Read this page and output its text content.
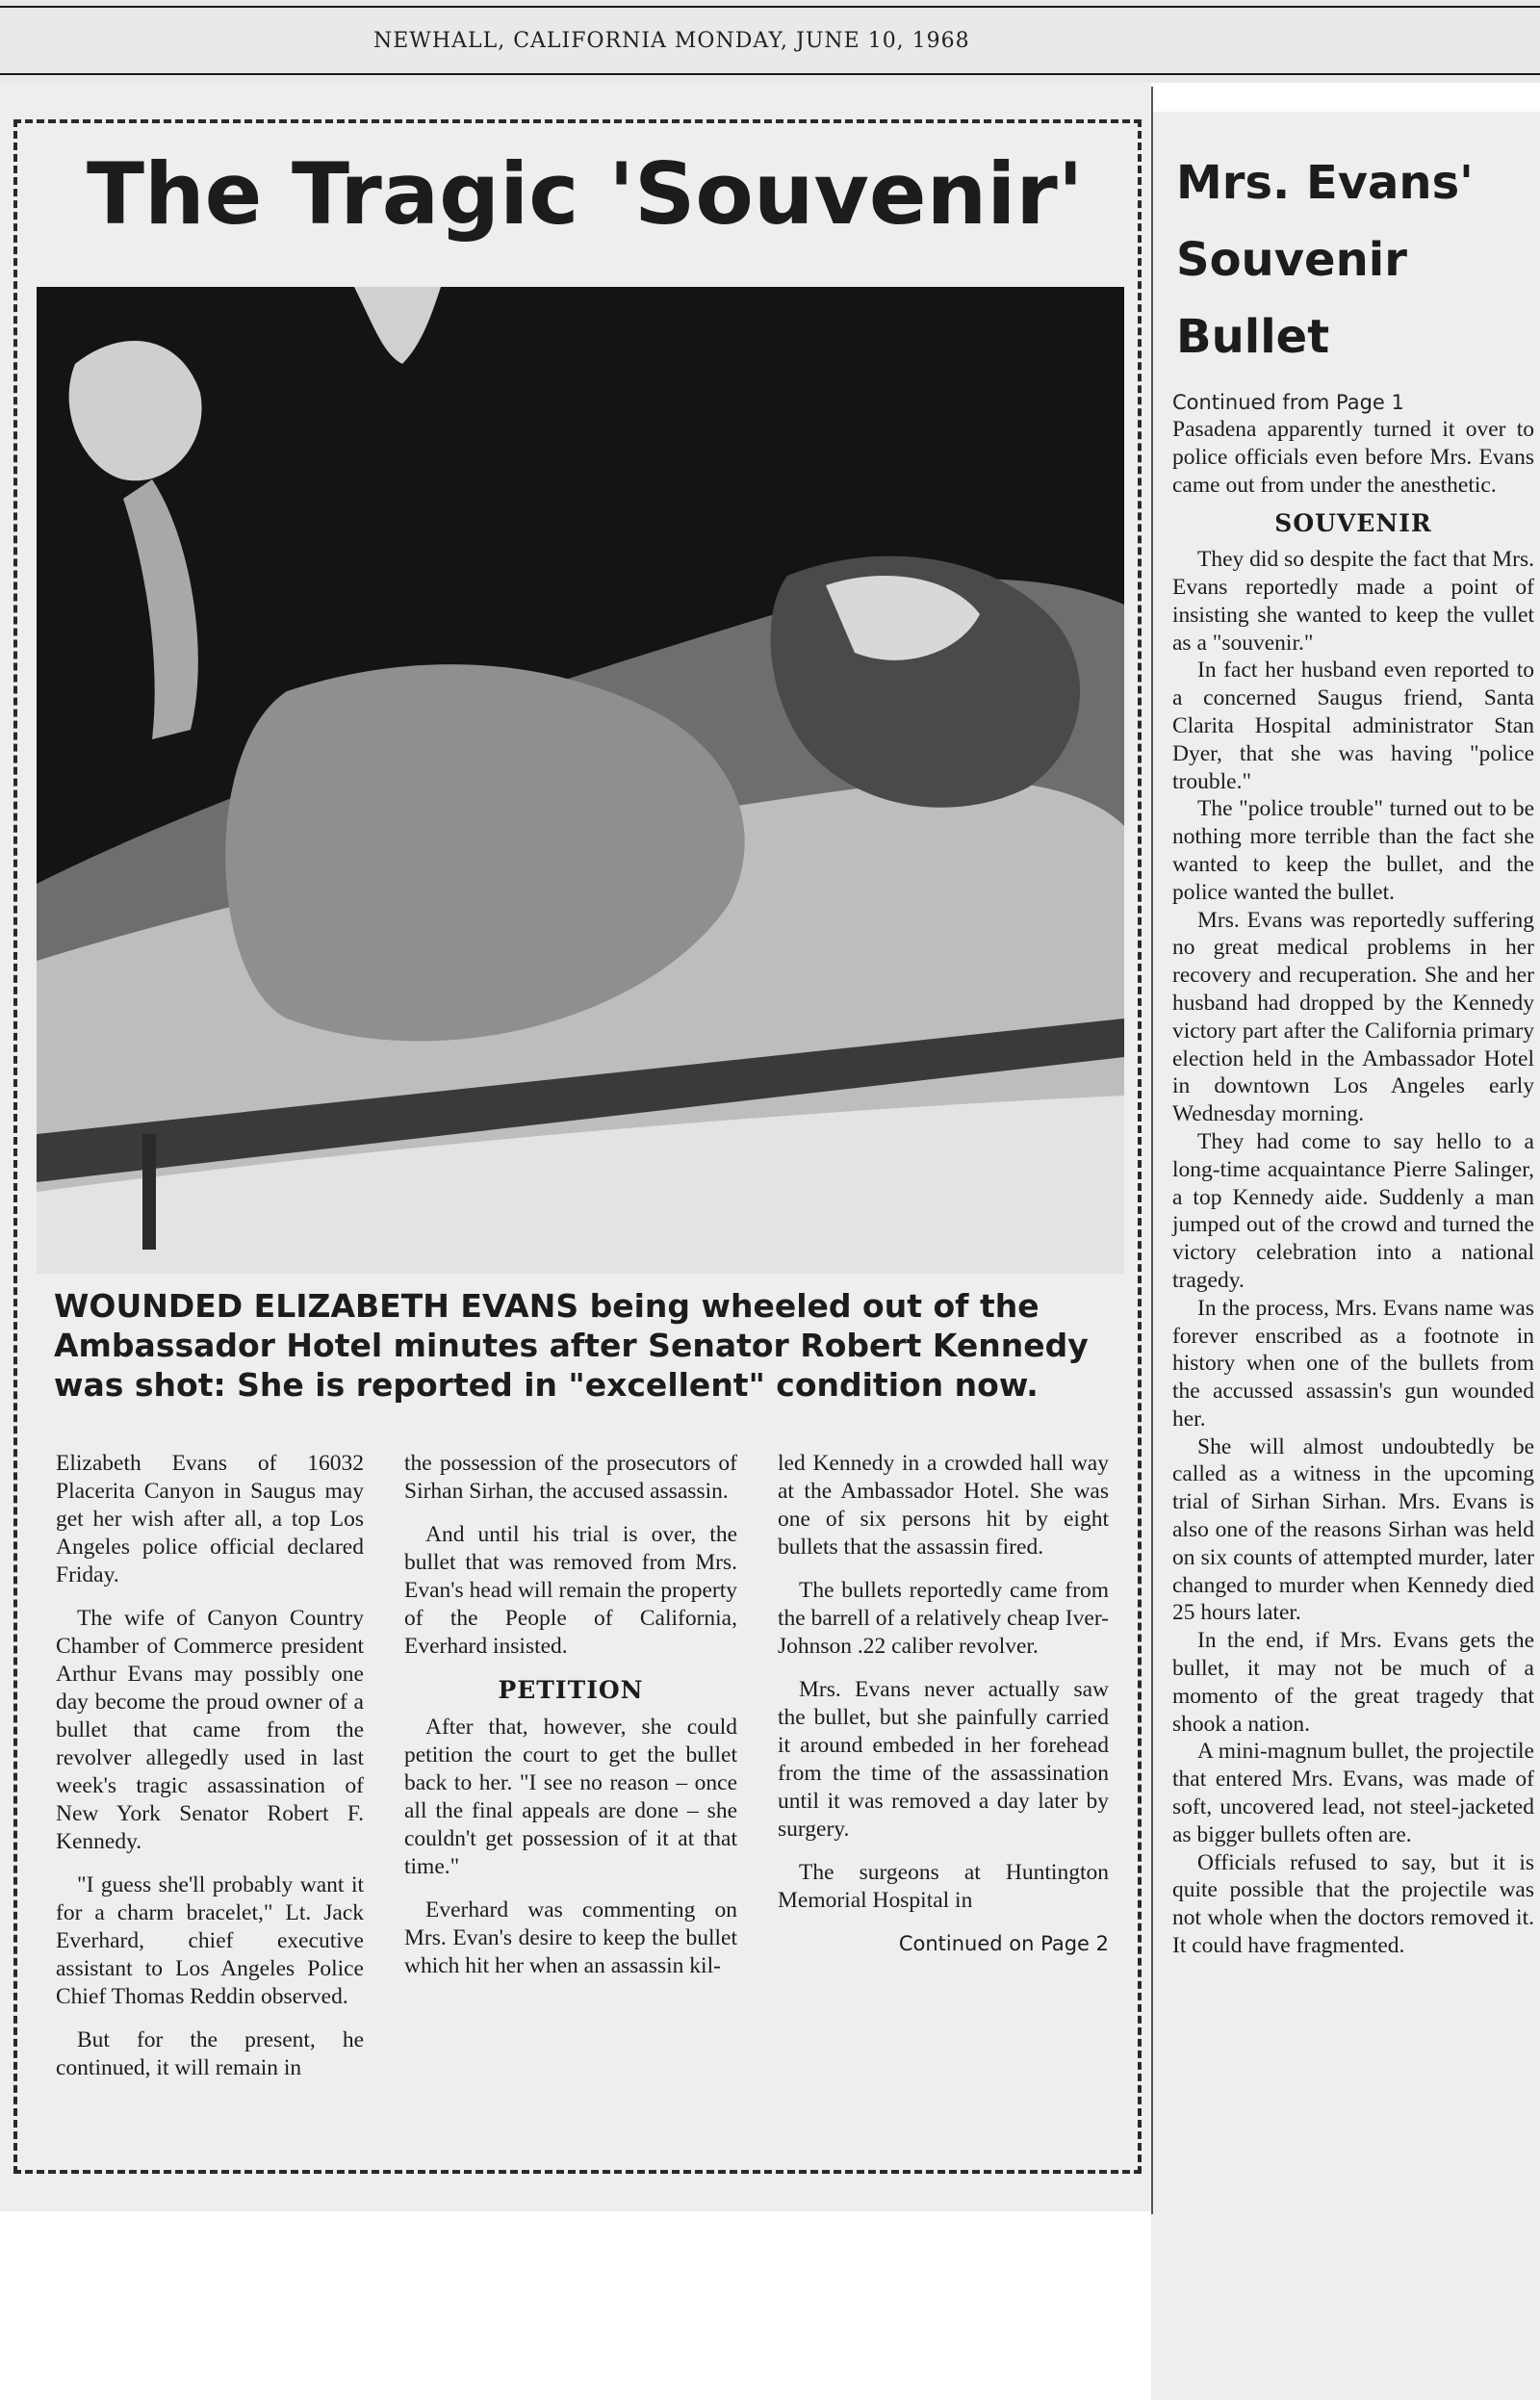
NEWHALL, CALIFORNIA MONDAY, JUNE 10, 1968
The Tragic 'Souvenir'
WOUNDED ELIZABETH EVANS being wheeled out of the Ambassador Hotel minutes after Senator Robert Kennedy was shot: She is reported in "excellent" condition now.

Elizabeth Evans of 16032 Placerita Canyon in Saugus may get her wish after all, a top Los Angeles police official declared Friday.

The wife of Canyon Country Chamber of Commerce president Arthur Evans may possibly one day become the proud owner of a bullet that came from the revolver allegedly used in last week's tragic assassination of New York Senator Robert F. Kennedy.

"I guess she'll probably want it for a charm bracelet," Lt. Jack Everhard, chief executive assistant to Los Angeles Police Chief Thomas Reddin observed.

But for the present, he continued, it will remain in

the possession of the prosecutors of Sirhan Sirhan, the accused assassin.

And until his trial is over, the bullet that was removed from Mrs. Evan's head will remain the property of the People of California, Everhard insisted.

PETITION

After that, however, she could petition the court to get the bullet back to her. "I see no reason – once all the final appeals are done – she couldn't get possession of it at that time."

Everhard was commenting on Mrs. Evan's desire to keep the bullet which hit her when an assassin kil-

led Kennedy in a crowded hall way at the Ambassador Hotel. She was one of six persons hit by eight bullets that the assassin fired.

The bullets reportedly came from the barrell of a relatively cheap Iver-Johnson .22 caliber revolver.

Mrs. Evans never actually saw the bullet, but she painfully carried it around embeded in her forehead from the time of the assassination until it was removed a day later by surgery.

The surgeons at Huntington Memorial Hospital in

Continued on Page 2
Mrs. Evans'
Souvenir
Bullet
Continued from Page 1

Pasadena apparently turned it over to police officials even before Mrs. Evans came out from under the anesthetic.

SOUVENIR

They did so despite the fact that Mrs. Evans reportedly made a point of insisting she wanted to keep the vullet as a "souvenir."

In fact her husband even reported to a concerned Saugus friend, Santa Clarita Hospital administrator Stan Dyer, that she was having "police trouble."

The "police trouble" turned out to be nothing more terrible than the fact she wanted to keep the bullet, and the police wanted the bullet.

Mrs. Evans was reportedly suffering no great medical problems in her recovery and recuperation. She and her husband had dropped by the Kennedy victory part after the California primary election held in the Ambassador Hotel in downtown Los Angeles early Wednesday morning.

They had come to say hello to a long-time acquaintance Pierre Salinger, a top Kennedy aide. Suddenly a man jumped out of the crowd and turned the victory celebration into a national tragedy.

In the process, Mrs. Evans name was forever enscribed as a footnote in history when one of the bullets from the accussed assassin's gun wounded her.

She will almost undoubtedly be called as a witness in the upcoming trial of Sirhan Sirhan. Mrs. Evans is also one of the reasons Sirhan was held on six counts of attempted murder, later changed to murder when Kennedy died 25 hours later.

In the end, if Mrs. Evans gets the bullet, it may not be much of a momento of the great tragedy that shook a nation.

A mini-magnum bullet, the projectile that entered Mrs. Evans, was made of soft, uncovered lead, not steel-jacketed as bigger bullets often are.

Officials refused to say, but it is quite possible that the projectile was not whole when the doctors removed it. It could have fragmented.
